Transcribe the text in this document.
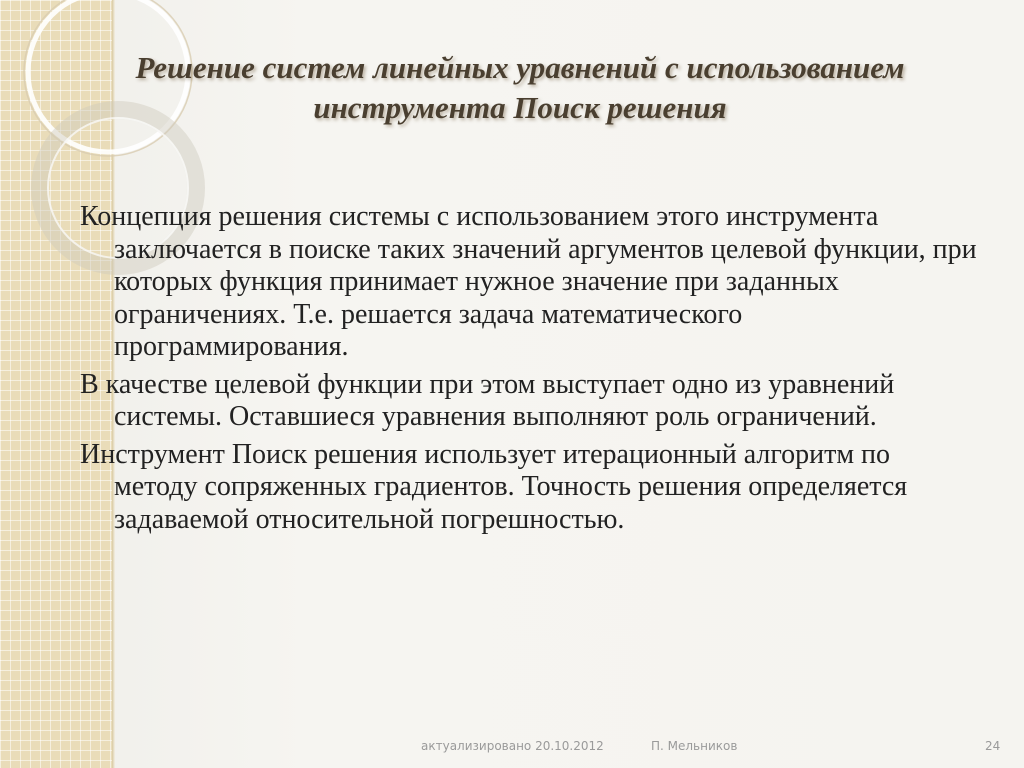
Решение систем линейных уравнений с использованием
инструмента Поиск решения

Концепция решения системы с использованием этого инструмента заключается в поиске таких значений аргументов целевой функции, при которых функция принимает нужное значение при заданных ограничениях. Т.е. решается задача математического программирования.

В качестве целевой функции при этом выступает одно из уравнений системы. Оставшиеся уравнения выполняют роль ограничений.

Инструмент Поиск решения использует итерационный алгоритм по методу сопряженных градиентов. Точность решения определяется задаваемой относительной погрешностью.

актуализировано 20.10.2012	П. Мельников	24
